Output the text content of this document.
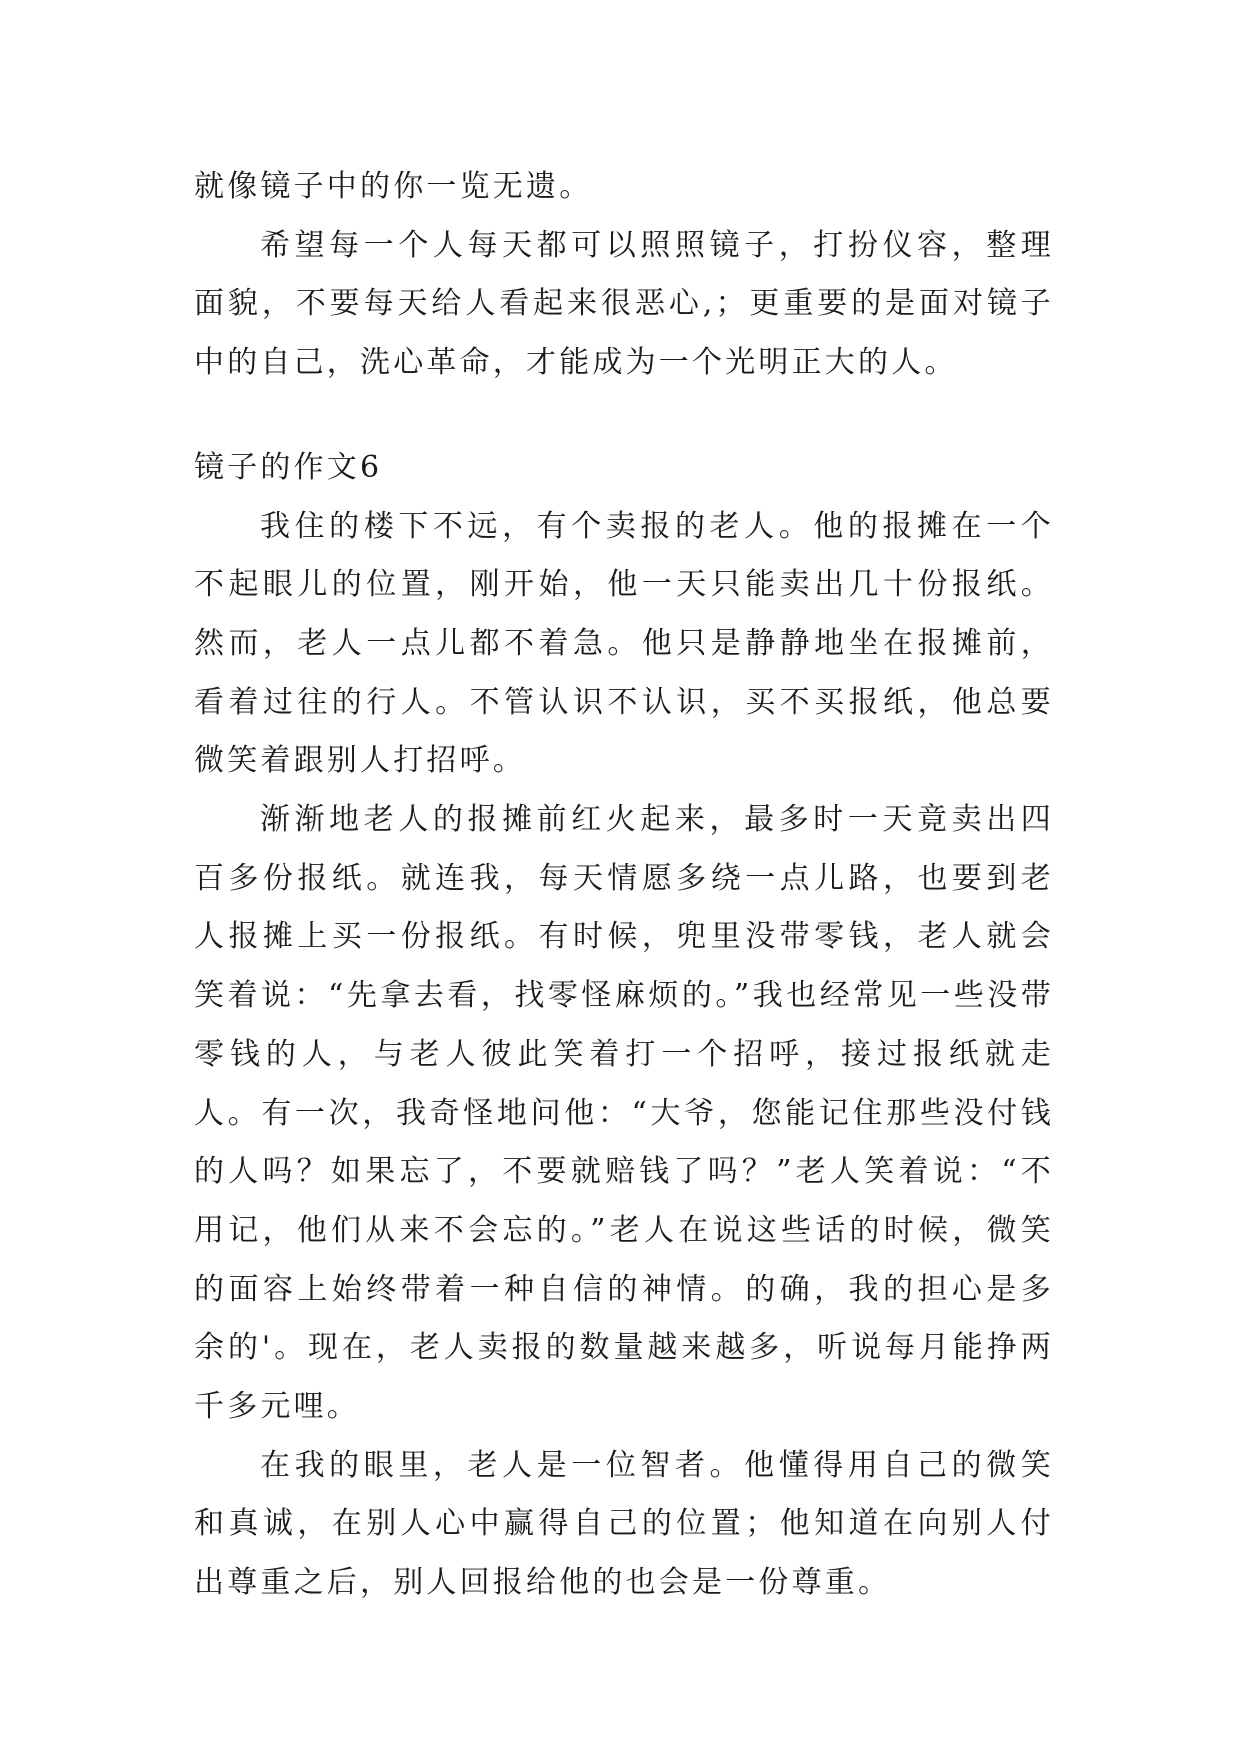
就像镜子中的你一览无遗。

希望每一个人每天都可以照照镜子，打扮仪容，整理面貌，不要每天给人看起来很恶心,；更重要的是面对镜子中的自己，洗心革命，才能成为一个光明正大的人。

镜子的作文6

我住的楼下不远，有个卖报的老人。他的报摊在一个不起眼儿的位置，刚开始，他一天只能卖出几十份报纸。然而，老人一点儿都不着急。他只是静静地坐在报摊前，看着过往的行人。不管认识不认识，买不买报纸，他总要微笑着跟别人打招呼。

渐渐地老人的报摊前红火起来，最多时一天竟卖出四百多份报纸。就连我，每天情愿多绕一点儿路，也要到老人报摊上买一份报纸。有时候，兜里没带零钱，老人就会笑着说：“先拿去看，找零怪麻烦的。”我也经常见一些没带零钱的人，与老人彼此笑着打一个招呼，接过报纸就走人。有一次，我奇怪地问他：“大爷，您能记住那些没付钱的人吗？如果忘了，不要就赔钱了吗？”老人笑着说：“不用记，他们从来不会忘的。”老人在说这些话的时候，微笑的面容上始终带着一种自信的神情。的确，我的担心是多余的'。现在，老人卖报的数量越来越多，听说每月能挣两千多元哩。

在我的眼里，老人是一位智者。他懂得用自己的微笑和真诚，在别人心中赢得自己的位置；他知道在向别人付出尊重之后，别人回报给他的也会是一份尊重。
